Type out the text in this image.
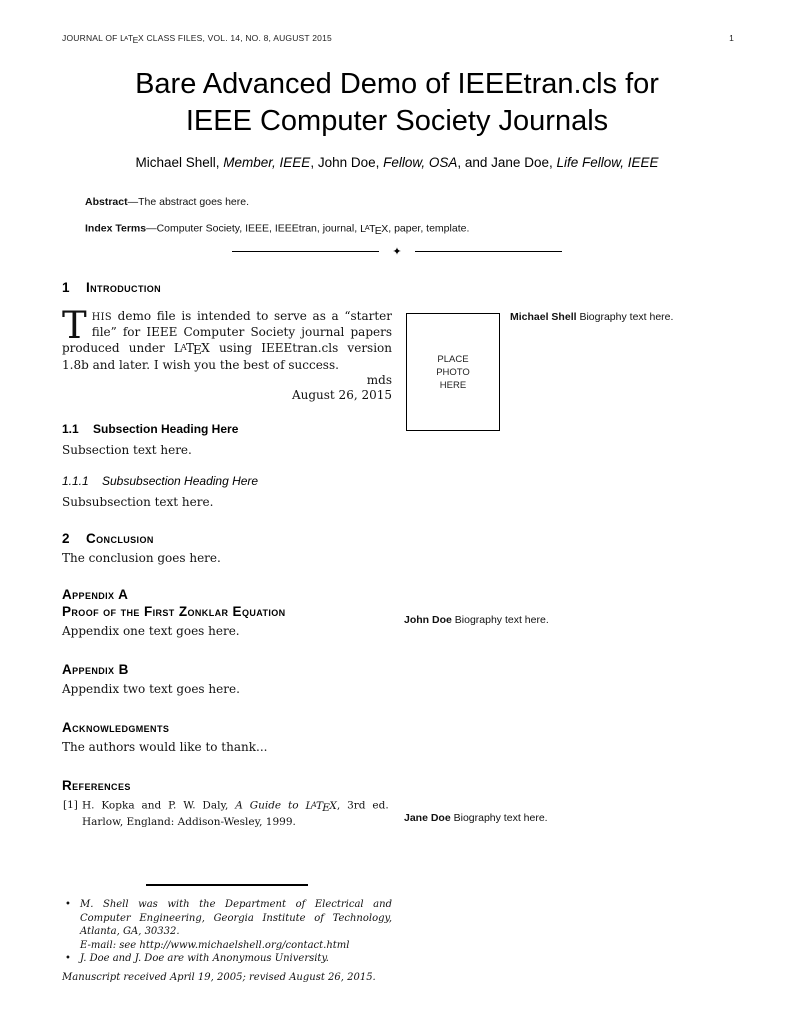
JOURNAL OF LATEX CLASS FILES, VOL. 14, NO. 8, AUGUST 2015	1
Bare Advanced Demo of IEEEtran.cls for
IEEE Computer Society Journals
Michael Shell, Member, IEEE, John Doe, Fellow, OSA, and Jane Doe, Life Fellow, IEEE
Abstract—The abstract goes here.
Index Terms—Computer Society, IEEE, IEEEtran, journal, LATEX, paper, template.
✦
1 Introduction
THIS demo file is intended to serve as a “starter file” for IEEE Computer Society journal papers produced under LATEX using IEEEtran.cls version 1.8b and later. I wish you the best of success.
mds
August 26, 2015
1.1 Subsection Heading Here
Subsection text here.
1.1.1 Subsubsection Heading Here
Subsubsection text here.
2 Conclusion
The conclusion goes here.
Appendix A
Proof of the First Zonklar Equation
Appendix one text goes here.
Appendix B
Appendix two text goes here.
Acknowledgments
The authors would like to thank...
References
[1] H. Kopka and P. W. Daly, A Guide to LATEX, 3rd ed.  Harlow, England: Addison-Wesley, 1999.
PLACE
PHOTO
HERE
Michael Shell Biography text here.
John Doe Biography text here.
Jane Doe Biography text here.
• M. Shell was with the Department of Electrical and Computer Engineering, Georgia Institute of Technology, Atlanta, GA, 30332.
E-mail: see http://www.michaelshell.org/contact.html
• J. Doe and J. Doe are with Anonymous University.
Manuscript received April 19, 2005; revised August 26, 2015.
